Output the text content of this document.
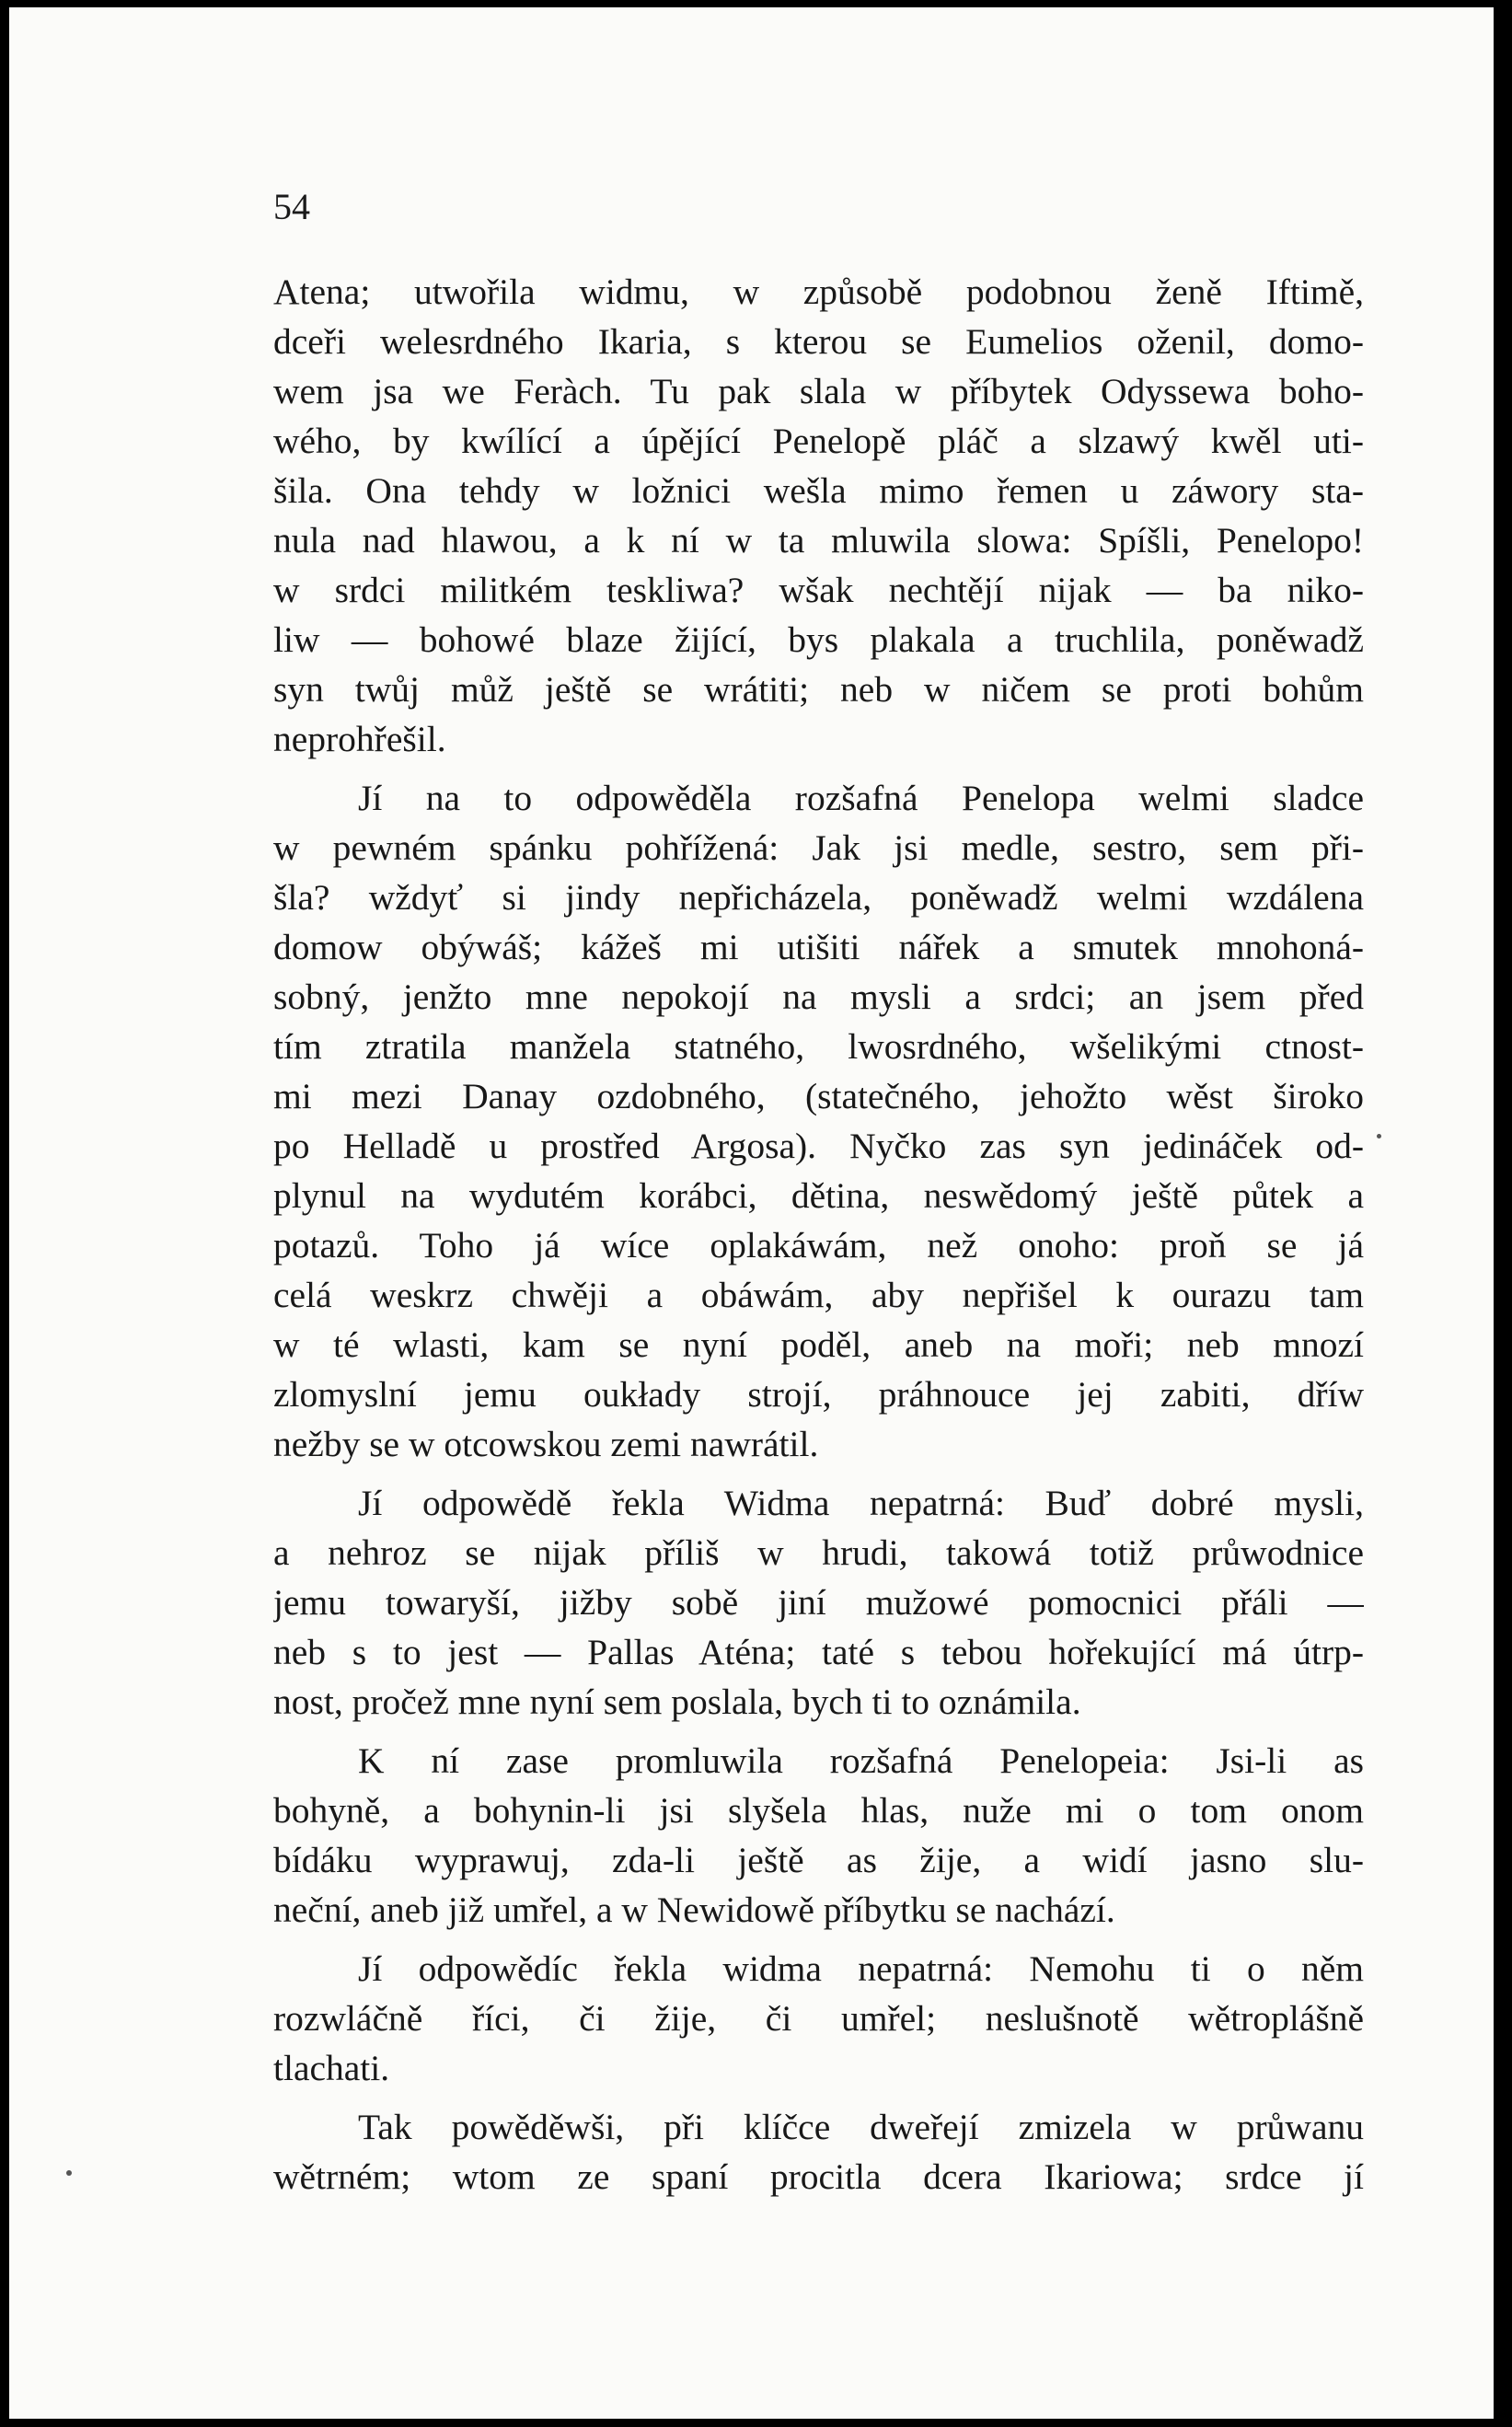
54

Atena; utwořila widmu, w způsobě podobnou ženě Iftimě,
dceři welesrdného Ikaria, s kterou se Eumelios oženil, domo-
wem jsa we Feràch. Tu pak slala w příbytek Odyssewa boho-
wého, by kwílící a úpějící Penelopě pláč a slzawý kwěl uti-
šila. Ona tehdy w ložnici wešla mimo řemen u záwory sta-
nula nad hlawou, a k ní w ta mluwila slowa: Spíšli, Penelopo!
w srdci militkém teskliwa? wšak nechtějí nijak — ba niko-
liw — bohowé blaze žijící, bys plakala a truchlila, poněwadž
syn twůj můž ještě se wrátiti; neb w ničem se proti bohům
neprohřešil.
Jí na to odpowěděla rozšafná Penelopa welmi sladce
w pewném spánku pohřížená: Jak jsi medle, sestro, sem při-
šla? wždyť si jindy nepřicházela, poněwadž welmi wzdálena
domow obýwáš; kážeš mi utišiti nářek a smutek mnohoná-
sobný, jenžto mne nepokojí na mysli a srdci; an jsem před
tím ztratila manžela statného, lwosrdného, wšelikými ctnost-
mi mezi Danay ozdobného, (statečného, jehožto wěst široko
po Helladě u prostřed Argosa). Nyčko zas syn jedináček od-
plynul na wydutém korábci, dětina, neswědomý ještě půtek a
potazů. Toho já wíce oplakáwám, než onoho: proň se já
celá weskrz chwěji a obáwám, aby nepřišel k ourazu tam
w té wlasti, kam se nyní poděl, aneb na moři; neb mnozí
zlomyslní jemu oukłady strojí, práhnouce jej zabiti, dříw
nežby se w otcowskou zemi nawrátil.
Jí odpowědě řekla Widma nepatrná: Buď dobré mysli,
a nehroz se nijak příliš w hrudi, takowá totiž průwodnice
jemu towaryší, jižby sobě jiní mužowé pomocnici přáli —
neb s to jest — Pallas Aténa; taté s tebou hořekující má útrp-
nost, pročež mne nyní sem poslala, bych ti to oznámila.
K ní zase promluwila rozšafná Penelopeia: Jsi-li as
bohyně, a bohynin-li jsi slyšela hlas, nuže mi o tom onom
bídáku wyprawuj, zda-li ještě as žije, a widí jasno slu-
neční, aneb již umřel, a w Newidowě příbytku se nachází.
Jí odpowědíc řekla widma nepatrná: Nemohu ti o něm
rozwláčně říci, či žije, či umřel; neslušnotě wětroplášně
tlachati.
Tak powěděwši, při klíčce dweřejí zmizela w průwanu
wětrném; wtom ze spaní procitla dcera Ikariowa; srdce jí
